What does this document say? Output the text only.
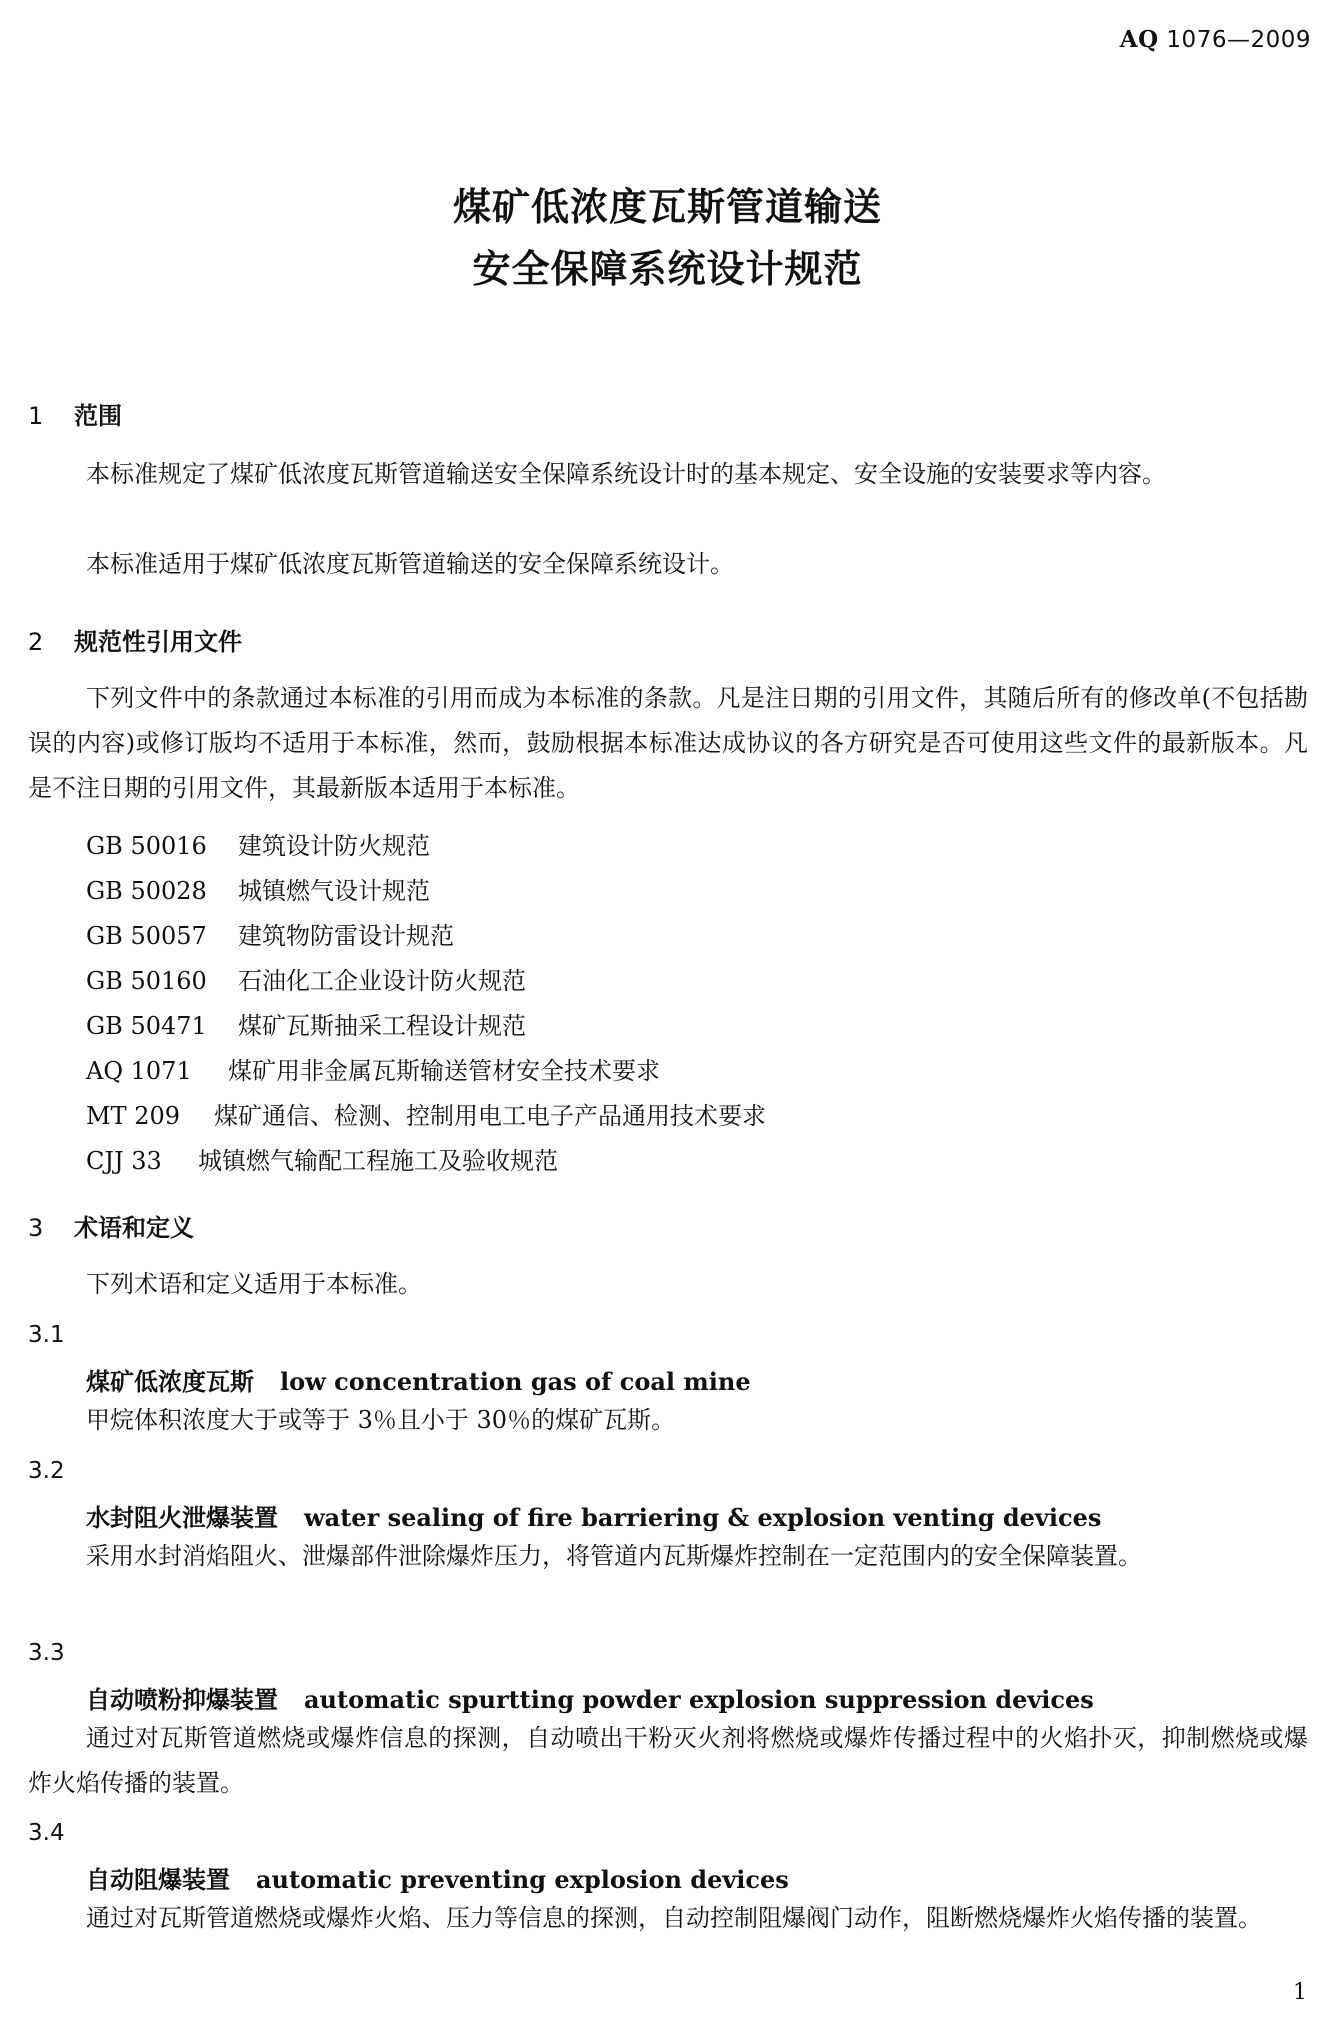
AQ 1076—2009
煤矿低浓度瓦斯管道输送
安全保障系统设计规范
1 范围
本标准规定了煤矿低浓度瓦斯管道输送安全保障系统设计时的基本规定、安全设施的安装要求等内容。
本标准适用于煤矿低浓度瓦斯管道输送的安全保障系统设计。
2 规范性引用文件
下列文件中的条款通过本标准的引用而成为本标准的条款。凡是注日期的引用文件，其随后所有的修改单(不包括勘误的内容)或修订版均不适用于本标准，然而，鼓励根据本标准达成协议的各方研究是否可使用这些文件的最新版本。凡是不注日期的引用文件，其最新版本适用于本标准。
GB 50016 建筑设计防火规范
GB 50028 城镇燃气设计规范
GB 50057 建筑物防雷设计规范
GB 50160 石油化工企业设计防火规范
GB 50471 煤矿瓦斯抽采工程设计规范
AQ 1071 煤矿用非金属瓦斯输送管材安全技术要求
MT 209 煤矿通信、检测、控制用电工电子产品通用技术要求
CJJ 33 城镇燃气输配工程施工及验收规范
3 术语和定义
下列术语和定义适用于本标准。
3.1
煤矿低浓度瓦斯 low concentration gas of coal mine
甲烷体积浓度大于或等于 3％且小于 30％的煤矿瓦斯。
3.2
水封阻火泄爆装置 water sealing of fire barriering & explosion venting devices
采用水封消焰阻火、泄爆部件泄除爆炸压力，将管道内瓦斯爆炸控制在一定范围内的安全保障装置。
3.3
自动喷粉抑爆装置 automatic spurtting powder explosion suppression devices
通过对瓦斯管道燃烧或爆炸信息的探测，自动喷出干粉灭火剂将燃烧或爆炸传播过程中的火焰扑灭，抑制燃烧或爆炸火焰传播的装置。
3.4
自动阻爆装置 automatic preventing explosion devices
通过对瓦斯管道燃烧或爆炸火焰、压力等信息的探测，自动控制阻爆阀门动作，阻断燃烧爆炸火焰传播的装置。
1
